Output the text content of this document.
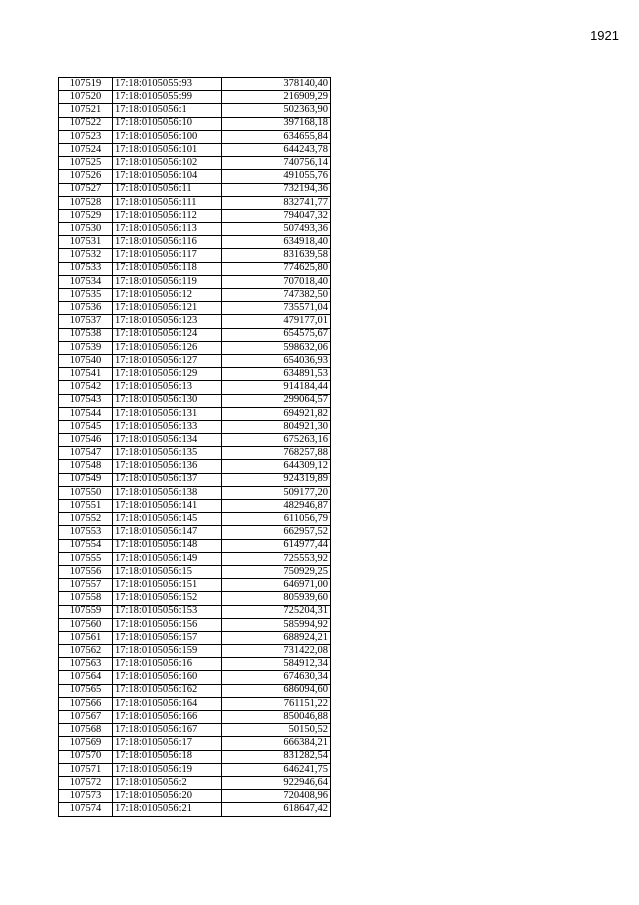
1921
107519	17:18:0105055:93	378140,40
107520	17:18:0105055:99	216909,29
107521	17:18:0105056:1	502363,90
107522	17:18:0105056:10	397168,18
107523	17:18:0105056:100	634655,84
107524	17:18:0105056:101	644243,78
107525	17:18:0105056:102	740756,14
107526	17:18:0105056:104	491055,76
107527	17:18:0105056:11	732194,36
107528	17:18:0105056:111	832741,77
107529	17:18:0105056:112	794047,32
107530	17:18:0105056:113	507493,36
107531	17:18:0105056:116	634918,40
107532	17:18:0105056:117	831639,58
107533	17:18:0105056:118	774625,80
107534	17:18:0105056:119	707018,40
107535	17:18:0105056:12	747382,50
107536	17:18:0105056:121	735571,04
107537	17:18:0105056:123	479177,01
107538	17:18:0105056:124	654575,67
107539	17:18:0105056:126	598632,06
107540	17:18:0105056:127	654036,93
107541	17:18:0105056:129	634891,53
107542	17:18:0105056:13	914184,44
107543	17:18:0105056:130	299064,57
107544	17:18:0105056:131	694921,82
107545	17:18:0105056:133	804921,30
107546	17:18:0105056:134	675263,16
107547	17:18:0105056:135	768257,88
107548	17:18:0105056:136	644309,12
107549	17:18:0105056:137	924319,89
107550	17:18:0105056:138	509177,20
107551	17:18:0105056:141	482946,87
107552	17:18:0105056:145	611056,79
107553	17:18:0105056:147	662957,52
107554	17:18:0105056:148	614977,44
107555	17:18:0105056:149	725553,92
107556	17:18:0105056:15	750929,25
107557	17:18:0105056:151	646971,00
107558	17:18:0105056:152	805939,60
107559	17:18:0105056:153	725204,31
107560	17:18:0105056:156	585994,92
107561	17:18:0105056:157	688924,21
107562	17:18:0105056:159	731422,08
107563	17:18:0105056:16	584912,34
107564	17:18:0105056:160	674630,34
107565	17:18:0105056:162	686094,60
107566	17:18:0105056:164	761151,22
107567	17:18:0105056:166	850046,88
107568	17:18:0105056:167	50150,52
107569	17:18:0105056:17	666384,21
107570	17:18:0105056:18	831282,54
107571	17:18:0105056:19	646241,75
107572	17:18:0105056:2	922946,64
107573	17:18:0105056:20	720408,96
107574	17:18:0105056:21	618647,42
